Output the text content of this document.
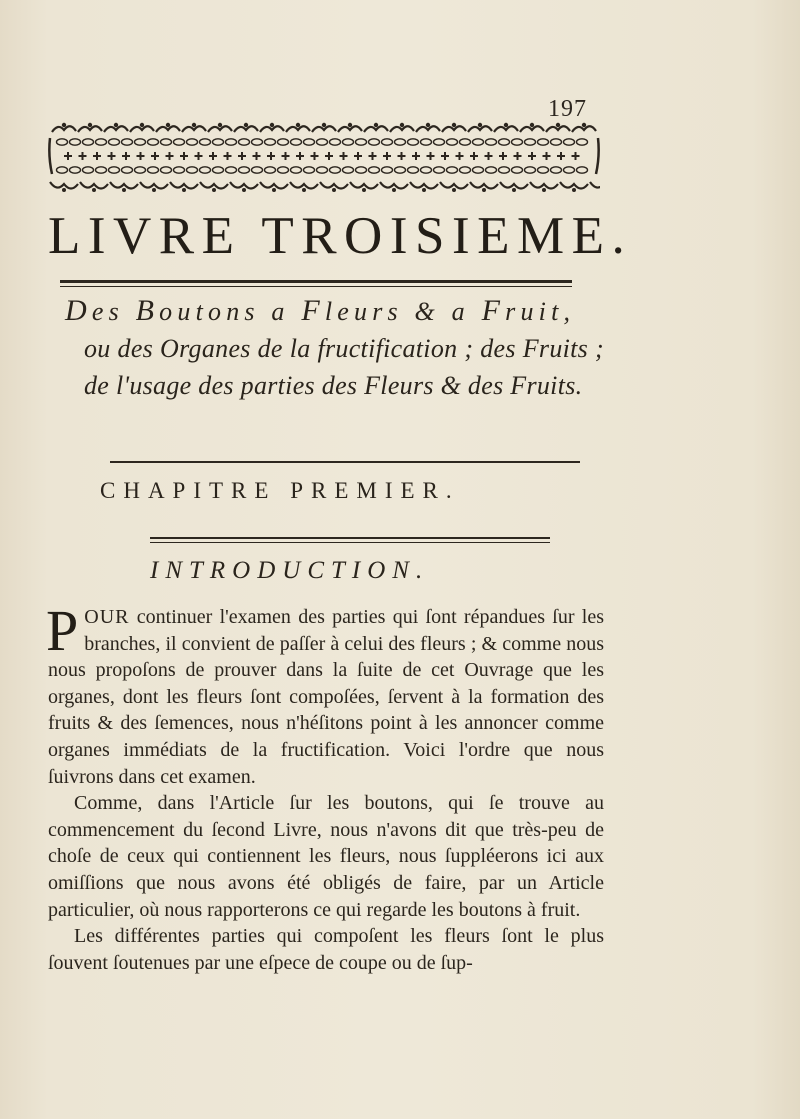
197
LIVRE TROISIEME.
Des Boutons a Fleurs & a Fruit,
ou des Organes de la fructification ; des Fruits ; de l'usage des parties des Fleurs & des Fruits.
CHAPITRE PREMIER.
INTRODUCTION.

POUR continuer l'examen des parties qui ſont répandues ſur les branches, il convient de paſſer à celui des fleurs ; & comme nous nous propoſons de prouver dans la ſuite de cet Ouvrage que les organes, dont les fleurs ſont compoſées, ſervent à la formation des fruits & des ſemences, nous n'héſitons point à les annoncer comme organes immédiats de la fructification. Voici l'ordre que nous ſuivrons dans cet examen.

Comme, dans l'Article ſur les boutons, qui ſe trouve au commencement du ſecond Livre, nous n'avons dit que très-peu de choſe de ceux qui contiennent les fleurs, nous ſuppléerons ici aux omiſſions que nous avons été obligés de faire, par un Article particulier, où nous rapporterons ce qui regarde les boutons à fruit.

Les différentes parties qui compoſent les fleurs ſont le plus ſouvent ſoutenues par une eſpece de coupe ou de ſup-
